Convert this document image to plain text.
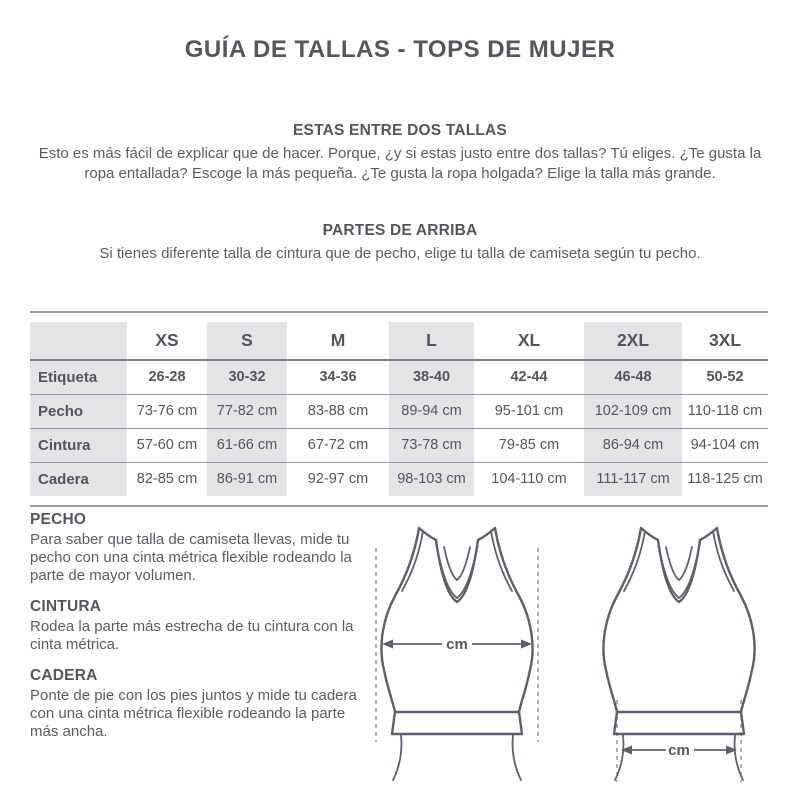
GUÍA DE TALLAS - TOPS DE MUJER
ESTAS ENTRE DOS TALLAS

Esto es más fácil de explicar que de hacer. Porque, ¿y si estas justo entre dos tallas? Tú eliges. ¿Te gusta la ropa entallada? Escoge la más pequeña. ¿Te gusta la ropa holgada? Elige la talla más grande.

PARTES DE ARRIBA

Si tienes diferente talla de cintura que de pecho, elige tu talla de camiseta según tu pecho.

	XS	S	M	L	XL	2XL	3XL
Etiqueta	26-28	30-32	34-36	38-40	42-44	46-48	50-52
Pecho	73-76 cm	77-82 cm	83-88 cm	89-94 cm	95-101 cm	102-109 cm	110-118 cm
Cintura	57-60 cm	61-66 cm	67-72 cm	73-78 cm	79-85 cm	86-94 cm	94-104 cm
Cadera	82-85 cm	86-91 cm	92-97 cm	98-103 cm	104-110 cm	111-117 cm	118-125 cm
PECHO

Para saber que talla de camiseta llevas, mide tu pecho con una cinta métrica flexible rodeando la parte de mayor volumen.

CINTURA

Rodea la parte más estrecha de tu cintura con la cinta métrica.

CADERA

Ponte de pie con los pies juntos y mide tu cadera con una cinta métrica flexible rodeando la parte más ancha.

cm
cm
